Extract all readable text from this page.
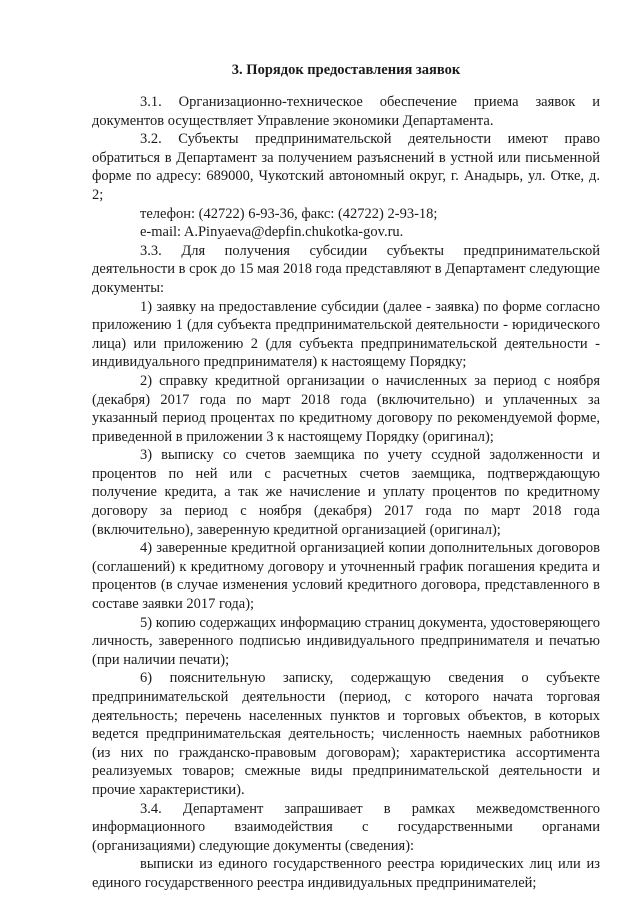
3. Порядок предоставления заявок

3.1. Организационно-техническое обеспечение приема заявок и документов осуществляет Управление экономики Департамента.

3.2. Субъекты предпринимательской деятельности имеют право обратиться в Департамент за получением разъяснений в устной или письменной форме по адресу: 689000, Чукотский автономный округ, г. Анадырь, ул. Отке, д. 2;

телефон: (42722) 6-93-36, факс: (42722) 2-93-18;

e-mail: A.Pinyaeva@depfin.chukotka-gov.ru.

3.3. Для получения субсидии субъекты предпринимательской деятельности в срок до 15 мая 2018 года представляют в Департамент следующие документы:

1) заявку на предоставление субсидии (далее - заявка) по форме согласно приложению 1 (для субъекта предпринимательской деятельности - юридического лица) или приложению 2 (для субъекта предпринимательской деятельности - индивидуального предпринимателя) к настоящему Порядку;

2) справку кредитной организации о начисленных за период с ноября (декабря) 2017 года по март 2018 года (включительно) и уплаченных за указанный период процентах по кредитному договору по рекомендуемой форме, приведенной в приложении 3 к настоящему Порядку (оригинал);

3) выписку со счетов заемщика по учету ссудной задолженности и процентов по ней или с расчетных счетов заемщика, подтверждающую получение кредита, а так же начисление и уплату процентов по кредитному договору за период с ноября (декабря) 2017 года по март 2018 года (включительно), заверенную кредитной организацией (оригинал);

4) заверенные кредитной организацией копии дополнительных договоров (соглашений) к кредитному договору и уточненный график погашения кредита и процентов (в случае изменения условий кредитного договора, представленного в составе заявки 2017 года);

5) копию содержащих информацию страниц документа, удостоверяющего личность, заверенного подписью индивидуального предпринимателя и печатью (при наличии печати);

6) пояснительную записку, содержащую сведения о субъекте предпринимательской деятельности (период, с которого начата торговая деятельность; перечень населенных пунктов и торговых объектов, в которых ведется предпринимательская деятельность; численность наемных работников (из них по гражданско-правовым договорам); характеристика ассортимента реализуемых товаров; смежные виды предпринимательской деятельности и прочие характеристики).

3.4. Департамент запрашивает в рамках межведомственного информационного взаимодействия с государственными органами (организациями) следующие документы (сведения):

выписки из единого государственного реестра юридических лиц или из единого государственного реестра индивидуальных предпринимателей;
